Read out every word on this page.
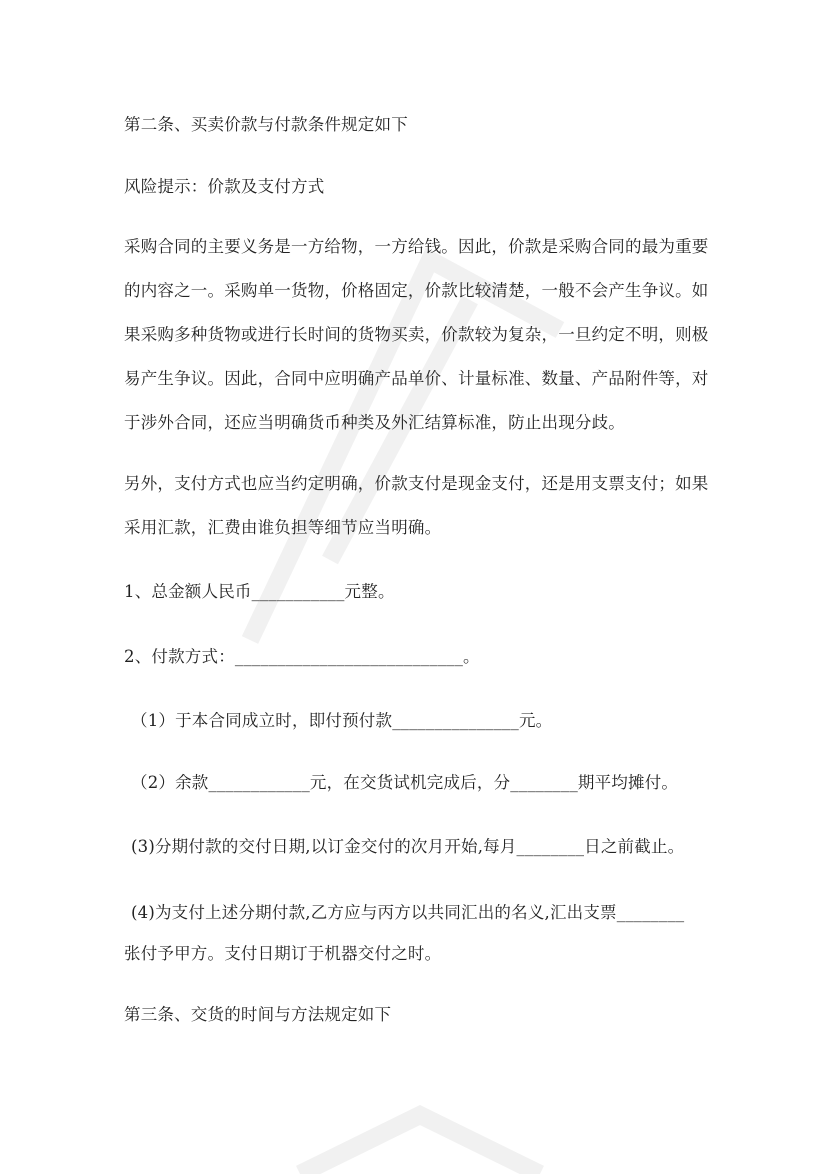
第二条、买卖价款与付款条件规定如下
风险提示：价款及支付方式
采购合同的主要义务是一方给物，一方给钱。因此，价款是采购合同的最为重要
的内容之一。采购单一货物，价格固定，价款比较清楚，一般不会产生争议。如
果采购多种货物或进行长时间的货物买卖，价款较为复杂，一旦约定不明，则极
易产生争议。因此，合同中应明确产品单价、计量标准、数量、产品附件等，对
于涉外合同，还应当明确货币种类及外汇结算标准，防止出现分歧。
另外，支付方式也应当约定明确，价款支付是现金支付，还是用支票支付；如果
采用汇款，汇费由谁负担等细节应当明确。
1、总金额人民币___________元整。
2、付款方式：___________________________。
（1）于本合同成立时，即付预付款_______________元。
（2）余款____________元，在交货试机完成后，分________期平均摊付。
(3)分期付款的交付日期,以订金交付的次月开始,每月________日之前截止。
(4)为支付上述分期付款,乙方应与丙方以共同汇出的名义,汇出支票________
张付予甲方。支付日期订于机器交付之时。
第三条、交货的时间与方法规定如下
